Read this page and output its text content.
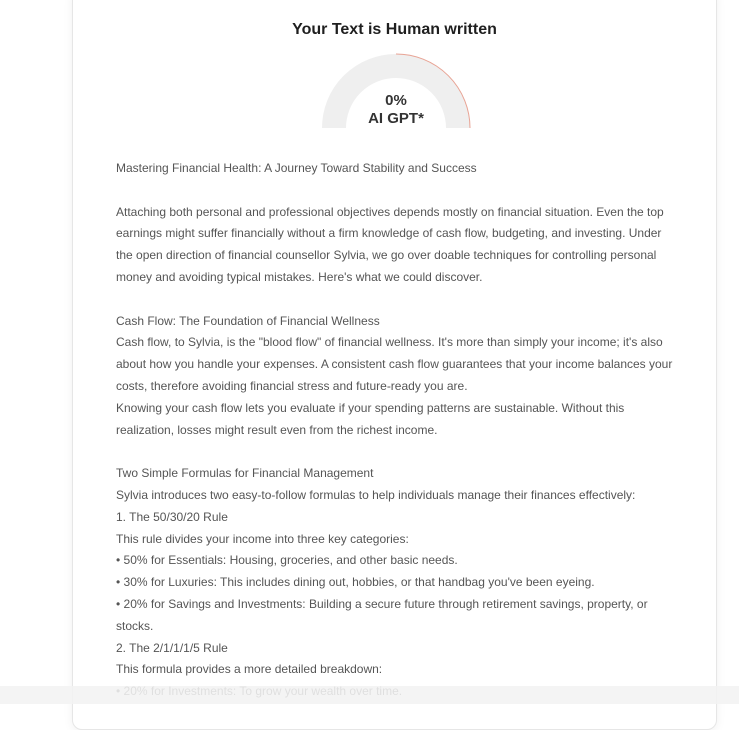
Your Text is Human written
0%
AI GPT*
Mastering Financial Health: A Journey Toward Stability and Success
Attaching both personal and professional objectives depends mostly on financial situation. Even the top
earnings might suffer financially without a firm knowledge of cash flow, budgeting, and investing. Under
the open direction of financial counsellor Sylvia, we go over doable techniques for controlling personal
money and avoiding typical mistakes. Here's what we could discover.
Cash Flow: The Foundation of Financial Wellness
Cash flow, to Sylvia, is the "blood flow" of financial wellness. It's more than simply your income; it's also
about how you handle your expenses. A consistent cash flow guarantees that your income balances your
costs, therefore avoiding financial stress and future-ready you are.
Knowing your cash flow lets you evaluate if your spending patterns are sustainable. Without this
realization, losses might result even from the richest income.
Two Simple Formulas for Financial Management
Sylvia introduces two easy-to-follow formulas to help individuals manage their finances effectively:
1. The 50/30/20 Rule
This rule divides your income into three key categories:
• 50% for Essentials: Housing, groceries, and other basic needs.
• 30% for Luxuries: This includes dining out, hobbies, or that handbag you've been eyeing.
• 20% for Savings and Investments: Building a secure future through retirement savings, property, or
stocks.
2. The 2/1/1/1/5 Rule
This formula provides a more detailed breakdown:
